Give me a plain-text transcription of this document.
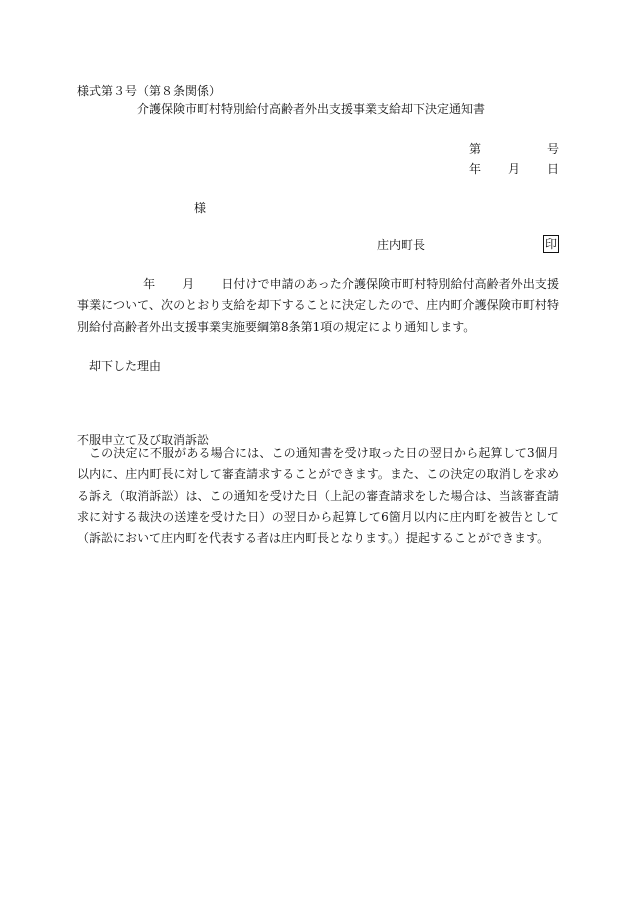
様式第３号（第８条関係）
介護保険市町村特別給付高齢者外出支援事業支給却下決定通知書
第	号
年 月 日
様
庄内町長	印
年 月 日付けで申請のあった介護保険市町村特別給付高齢者外出支援事業について、次のとおり支給を却下することに決定したので、庄内町介護保険市町村特別給付高齢者外出支援事業実施要綱第8条第1項の規定により通知します。
却下した理由
不服申立て及び取消訴訟
この決定に不服がある場合には、この通知書を受け取った日の翌日から起算して3個月以内に、庄内町長に対して審査請求することができます。また、この決定の取消しを求める訴え（取消訴訟）は、この通知を受けた日（上記の審査請求をした場合は、当該審査請求に対する裁決の送達を受けた日）の翌日から起算して6箇月以内に庄内町を被告として（訴訟において庄内町を代表する者は庄内町長となります。）提起することができます。
